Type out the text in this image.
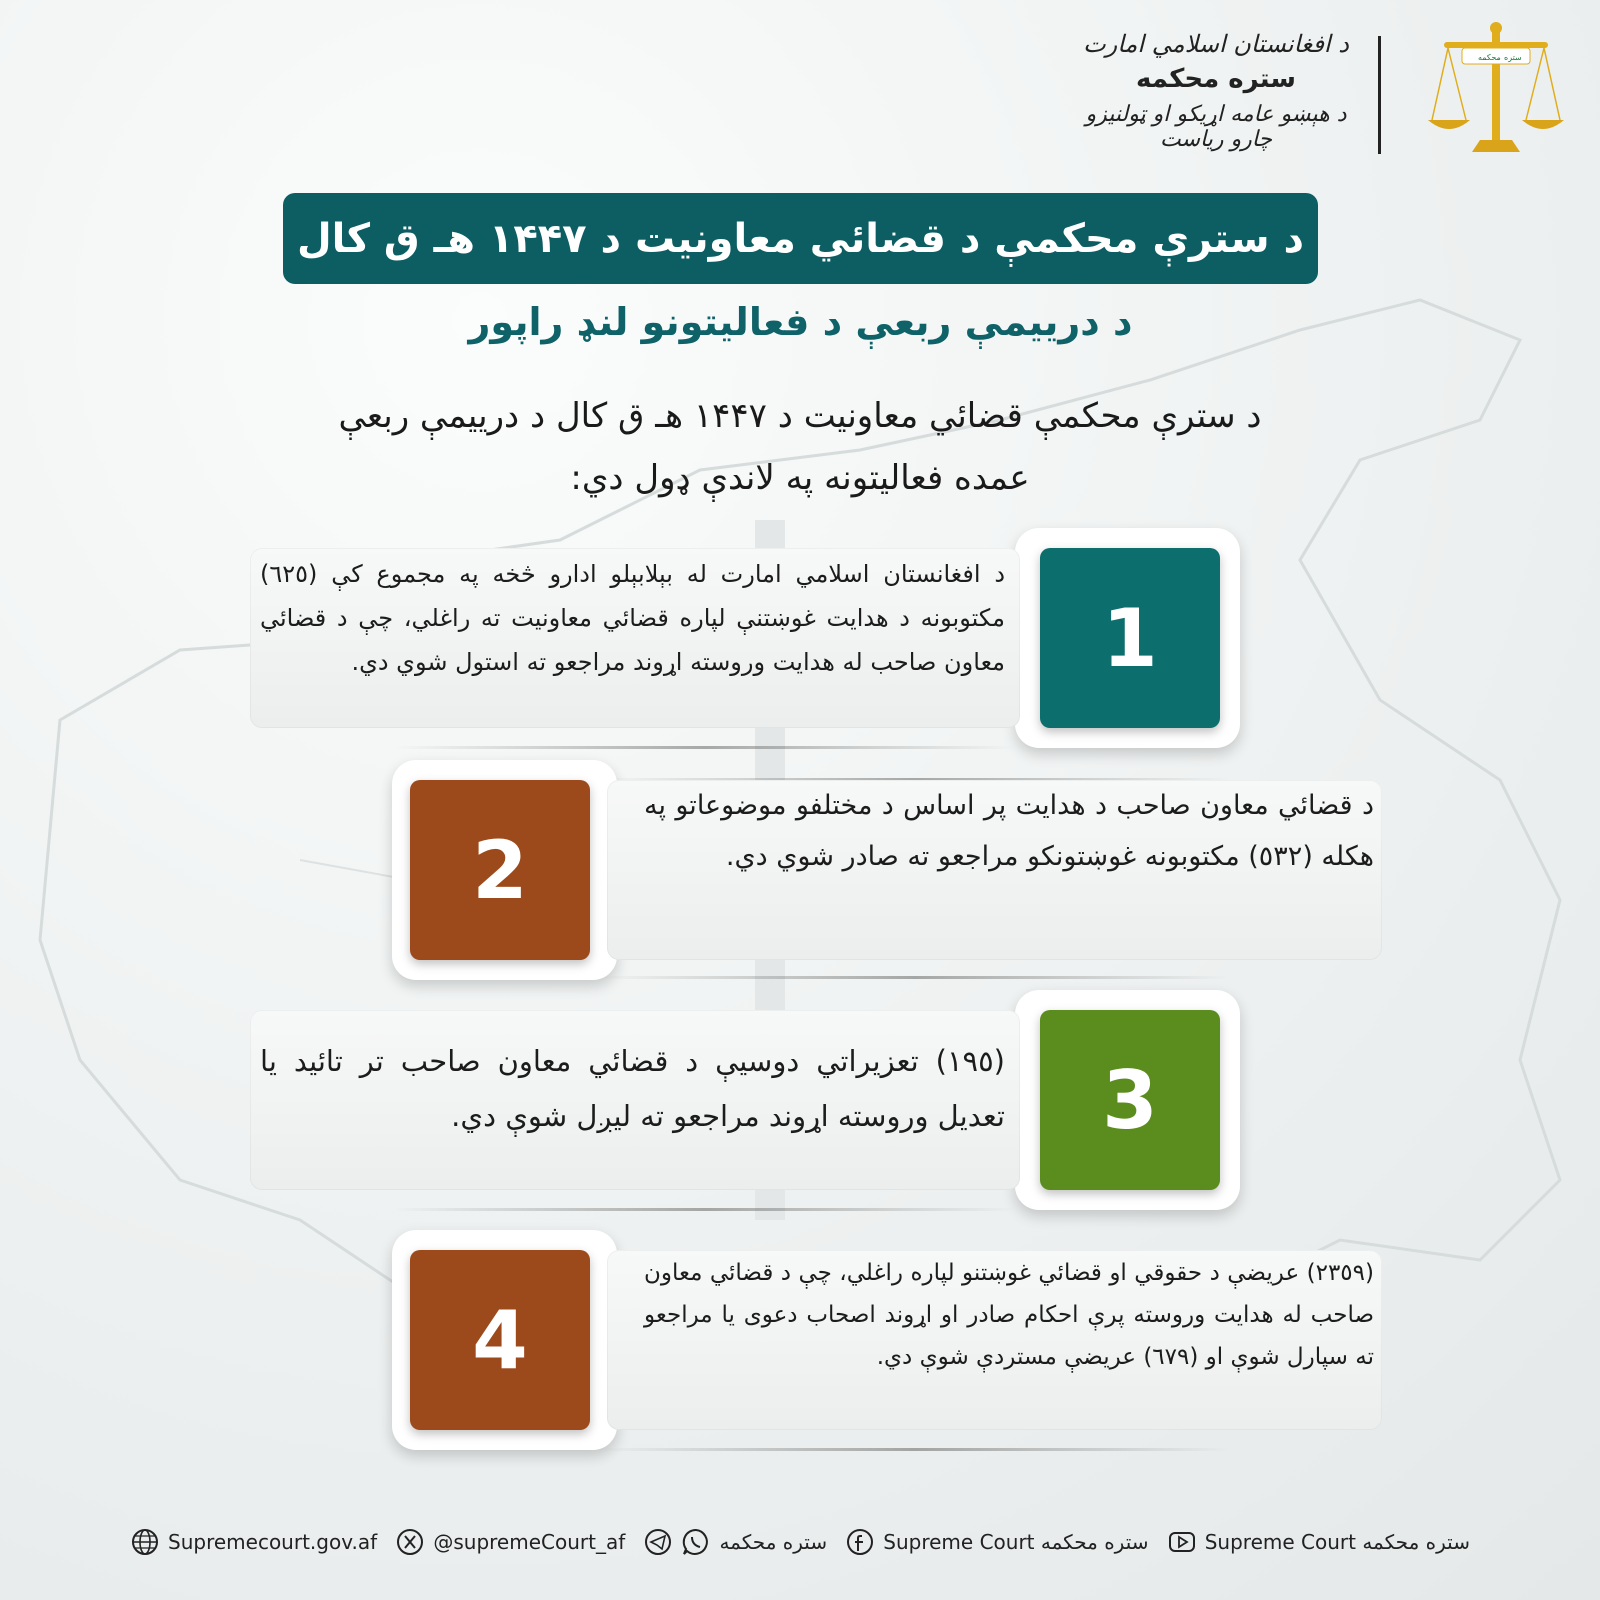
د افغانستان اسلامي امارت
ستره محکمه
د هېښو عامه اړیکو او ټولنیزو چارو ریاست
محکمه ستره
د سترې محکمې د قضائي معاونیت د ۱۴۴۷ هـ ق کال
د دریيمې ربعې د فعالیتونو لنډ راپور
د سترې محکمې قضائي معاونیت د ۱۴۴۷ هـ ق کال د دریيمې ربعې
عمده فعالیتونه په لاندې ډول دي:
1
د افغانستان اسلامي امارت له بېلابېلو ادارو څخه په مجموع کې (٦٢٥) مکتوبونه د هدایت غوښتنې لپاره قضائي معاونیت ته راغلي، چې د قضائي معاون صاحب له هدایت وروسته اړوند مراجعو ته استول شوي دي.
2
د قضائي معاون صاحب د هدایت پر اساس د مختلفو موضوعاتو په هکله (٥٣٢) مکتوبونه غوښتونکو مراجعو ته صادر شوي دي.
3
(١٩٥) تعزیراتي دوسیې د قضائي معاون صاحب تر تائید یا تعدیل وروسته اړوند مراجعو ته لیږل شوې دي.
4
(٢٣٥٩) عریضې د حقوقي او قضائي غوښتنو لپاره راغلي، چې د قضائي معاون صاحب له هدایت وروسته پرې احکام صادر او اړوند اصحاب دعوی یا مراجعو ته سپارل شوې او (٦٧٩) عریضې مستردې شوې دي.
Supremecourt.gov.af	@supremeCourt_af	ستره محکمه	Supreme Court ستره محکمه	Supreme Court ستره محکمه
